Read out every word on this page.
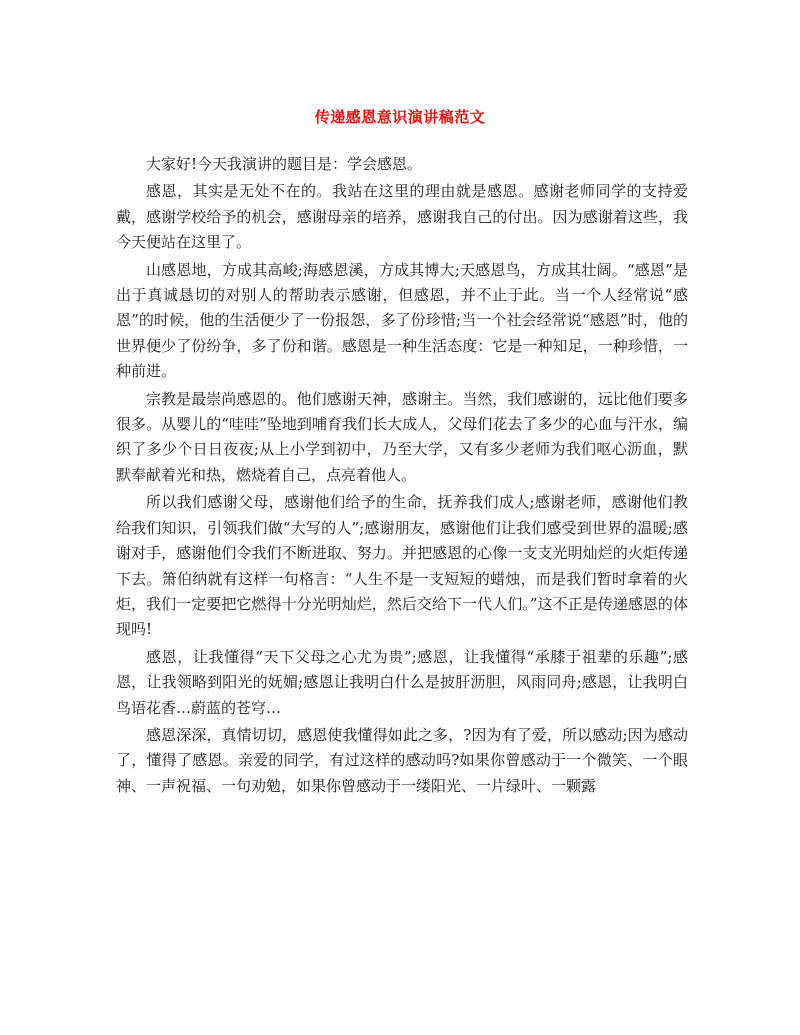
传递感恩意识演讲稿范文

大家好!今天我演讲的题目是：学会感恩。

感恩，其实是无处不在的。我站在这里的理由就是感恩。感谢老师同学的支持爱戴，感谢学校给予的机会，感谢母亲的培养，感谢我自己的付出。因为感谢着这些，我今天便站在这里了。

山感恩地，方成其高峻;海感恩溪，方成其博大;天感恩鸟，方成其壮阔。“感恩”是出于真诚恳切的对别人的帮助表示感谢，但感恩，并不止于此。当一个人经常说“感恩”的时候，他的生活便少了一份报怨，多了份珍惜;当一个社会经常说“感恩”时，他的世界便少了份纷争，多了份和谐。感恩是一种生活态度：它是一种知足，一种珍惜，一种前进。

宗教是最崇尚感恩的。他们感谢天神，感谢主。当然，我们感谢的，远比他们要多很多。从婴儿的“哇哇”坠地到哺育我们长大成人，父母们花去了多少的心血与汗水，编织了多少个日日夜夜;从上小学到初中，乃至大学，又有多少老师为我们呕心沥血，默默奉献着光和热，燃烧着自己，点亮着他人。

所以我们感谢父母，感谢他们给予的生命，抚养我们成人;感谢老师，感谢他们教给我们知识，引领我们做“大写的人”;感谢朋友，感谢他们让我们感受到世界的温暖;感谢对手，感谢他们令我们不断进取、努力。并把感恩的心像一支支光明灿烂的火炬传递下去。箫伯纳就有这样一句格言：“人生不是一支短短的蜡烛，而是我们暂时拿着的火炬，我们一定要把它燃得十分光明灿烂，然后交给下一代人们。”这不正是传递感恩的体现吗!

感恩，让我懂得“天下父母之心尤为贵”;感恩，让我懂得“承膝于祖辈的乐趣”;感恩，让我领略到阳光的妩媚;感恩让我明白什么是披肝沥胆，风雨同舟;感恩，让我明白鸟语花香…蔚蓝的苍穹…

感恩深深，真情切切，感恩使我懂得如此之多，?因为有了爱，所以感动;因为感动了，懂得了感恩。亲爱的同学，有过这样的感动吗?如果你曾感动于一个微笑、一个眼神、一声祝福、一句劝勉，如果你曾感动于一缕阳光、一片绿叶、一颗露
